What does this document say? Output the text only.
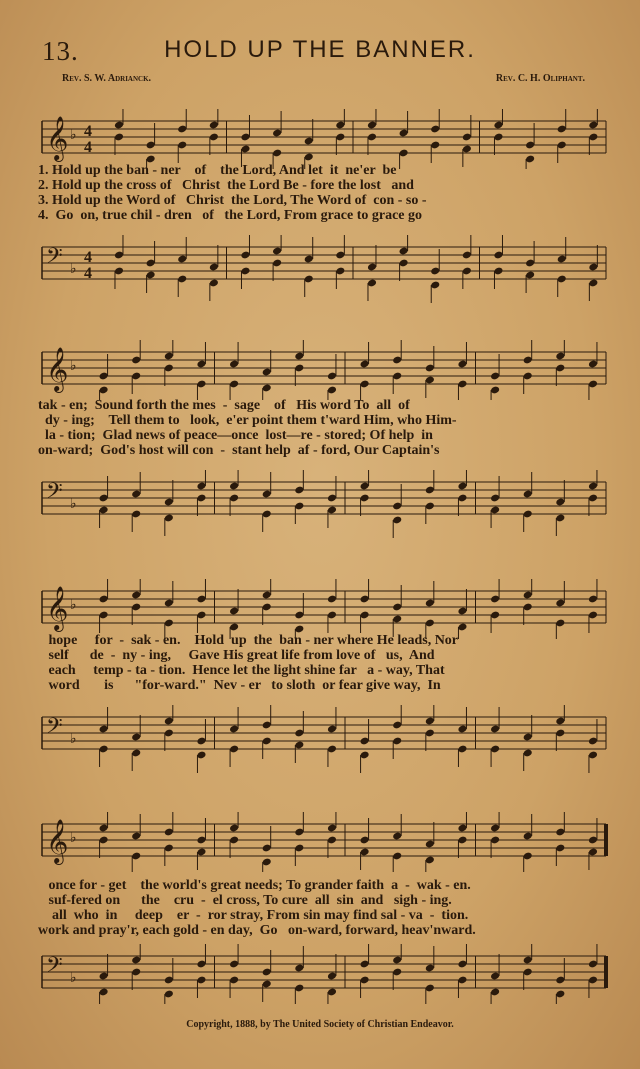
13.	HOLD UP THE BANNER.
Rev. S. W. Adrianck.	Rev. C. H. Oliphant.
𝄞 ♭ 4
4
1. Hold up the ban - ner    of    the Lord, And let  it  ne'er  be
2. Hold up the cross of   Christ  the Lord Be - fore the lost   and
3. Hold up the Word of   Christ  the Lord, The Word of  con - so -
4.  Go  on, true chil - dren   of   the Lord, From grace to grace go
𝄢 ♭
4
4
𝄞 ♭
tak - en;  Sound forth the mes  -  sage    of   His word To  all  of
dy - ing;    Tell them to   look,  e'er point them t'ward Him, who Him-
la - tion;  Glad news of peace—once  lost—re - stored; Of help  in
on-ward;  God's host will con  -  stant help  af - ford, Our Captain's
𝄢 ♭
𝄞 ♭
hope     for  -  sak - en.    Hold  up  the  ban - ner where He leads, Nor
self      de  -  ny - ing,     Gave His great life from love of   us,  And
each     temp - ta - tion.  Hence let the light shine far   a - way, That
word       is      "for-ward."  Nev - er   to sloth  or fear give way,  In
𝄢 ♭
𝄞 ♭
once for - get    the world's great needs; To grander faith  a  -  wak - en.
suf-fered on      the    cru  -  el cross, To cure  all  sin  and   sigh - ing.
all  who  in     deep    er  -  ror stray, From sin may find sal - va  -  tion.
work and pray'r, each gold - en day,  Go   on-ward, forward, heav'nward.
𝄢 ♭
Copyright, 1888, by The United Society of Christian Endeavor.
